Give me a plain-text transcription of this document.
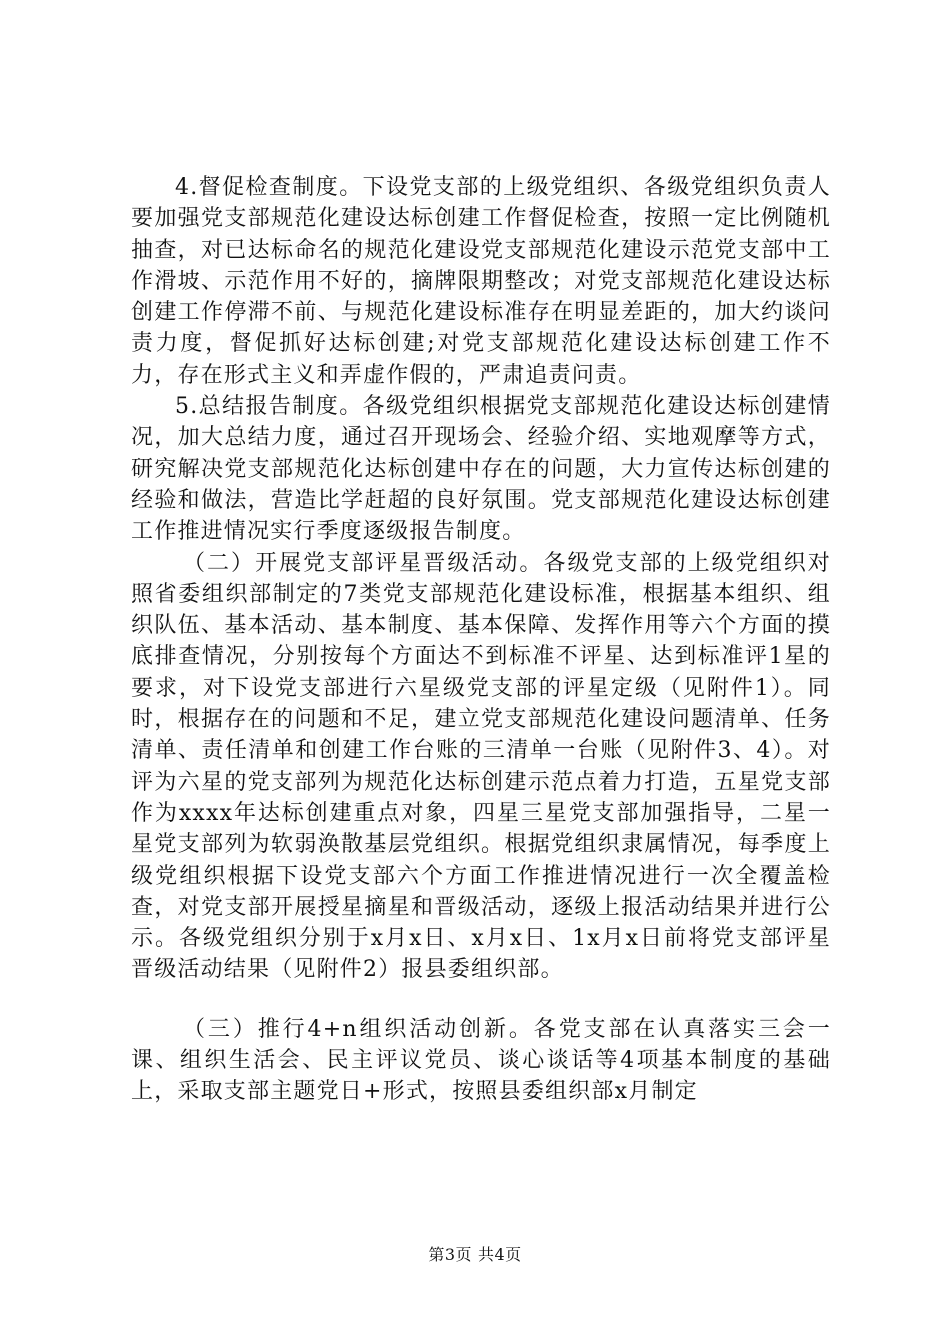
4.督促检查制度。下设党支部的上级党组织、各级党组织负责人要加强党支部规范化建设达标创建工作督促检查，按照一定比例随机抽查，对已达标命名的规范化建设党支部规范化建设示范党支部中工作滑坡、示范作用不好的，摘牌限期整改；对党支部规范化建设达标创建工作停滞不前、与规范化建设标准存在明显差距的，加大约谈问责力度，督促抓好达标创建;对党支部规范化建设达标创建工作不力，存在形式主义和弄虚作假的，严肃追责问责。

5.总结报告制度。各级党组织根据党支部规范化建设达标创建情况，加大总结力度，通过召开现场会、经验介绍、实地观摩等方式，研究解决党支部规范化达标创建中存在的问题，大力宣传达标创建的经验和做法，营造比学赶超的良好氛围。党支部规范化建设达标创建工作推进情况实行季度逐级报告制度。

（二）开展党支部评星晋级活动。各级党支部的上级党组织对照省委组织部制定的7类党支部规范化建设标准，根据基本组织、组织队伍、基本活动、基本制度、基本保障、发挥作用等六个方面的摸底排查情况，分别按每个方面达不到标准不评星、达到标准评1星的要求，对下设党支部进行六星级党支部的评星定级（见附件1）。同时，根据存在的问题和不足，建立党支部规范化建设问题清单、任务清单、责任清单和创建工作台账的三清单一台账（见附件3、4）。对评为六星的党支部列为规范化达标创建示范点着力打造，五星党支部作为xxxx年达标创建重点对象，四星三星党支部加强指导，二星一星党支部列为软弱涣散基层党组织。根据党组织隶属情况，每季度上级党组织根据下设党支部六个方面工作推进情况进行一次全覆盖检查，对党支部开展授星摘星和晋级活动，逐级上报活动结果并进行公示。各级党组织分别于x月x日、x月x日、1x月x日前将党支部评星晋级活动结果（见附件2）报县委组织部。

（三）推行4+n组织活动创新。各党支部在认真落实三会一课、组织生活会、民主评议党员、谈心谈话等4项基本制度的基础上，采取支部主题党日+形式，按照县委组织部x月制定

第3页 共4页
